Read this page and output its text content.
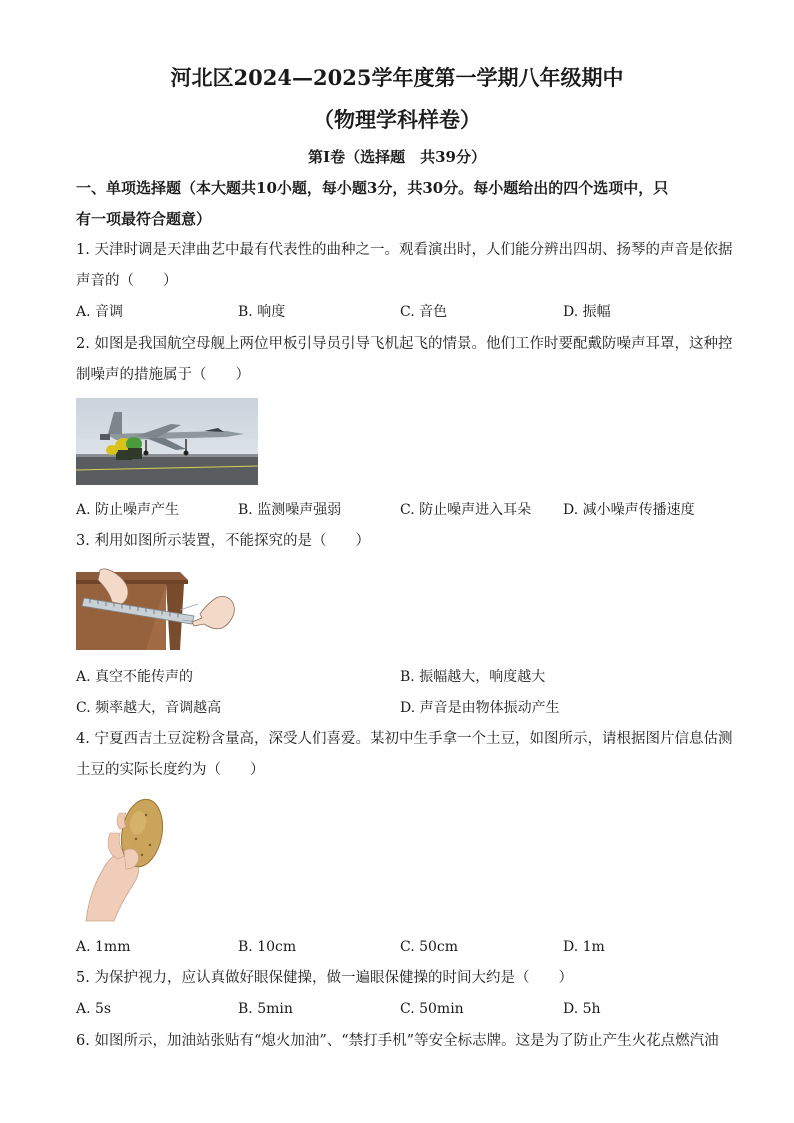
河北区2024—2025学年度第一学期八年级期中
（物理学科样卷）
第Ⅰ卷（选择题　共39分）
一、单项选择题（本大题共10小题，每小题3分，共30分。每小题给出的四个选项中，只
有一项最符合题意）
1. 天津时调是天津曲艺中最有代表性的曲种之一。观看演出时，人们能分辨出四胡、扬琴的声音是依据
声音的（　　）
A. 音调	B. 响度	C. 音色	D. 振幅
2. 如图是我国航空母舰上两位甲板引导员引导飞机起飞的情景。他们工作时要配戴防噪声耳罩，这种控
制噪声的措施属于（　　）
A. 防止噪声产生	B. 监测噪声强弱	C. 防止噪声进入耳朵 D. 减小噪声传播速度
3. 利用如图所示装置，不能探究的是（　　）
A. 真空不能传声的	B. 振幅越大，响度越大
C. 频率越大，音调越高	D. 声音是由物体振动产生
4. 宁夏西吉土豆淀粉含量高，深受人们喜爱。某初中生手拿一个土豆，如图所示，请根据图片信息估测
土豆的实际长度约为（　　）
A. 1mm	B. 10cm	C. 50cm	D. 1m
5. 为保护视力，应认真做好眼保健操，做一遍眼保健操的时间大约是（　　）
A. 5s	B. 5min	C. 50min	D. 5h
6. 如图所示，加油站张贴有“熄火加油”、“禁打手机”等安全标志牌。这是为了防止产生火花点燃汽油
